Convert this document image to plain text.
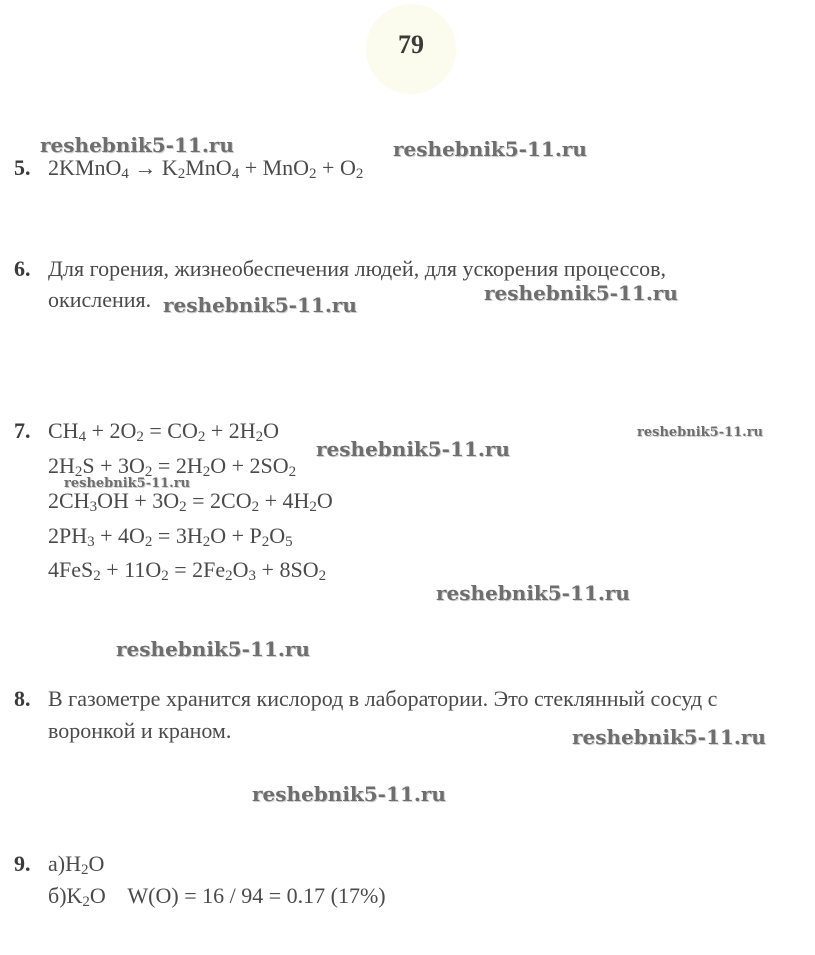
79
5. 2KMnO$_4$ → $K_2MnO_4 + MnO_2 + O_2$
6. Для горения, жизнеобеспечения людей, для ускорения процессов,
окисления.
7. $CH_4 + 2O_2 = CO_2 + 2H_2O$
$2H_2S + 3O_2 = 2H_2O + 2SO_2$
$2CH_3OH + 3O_2 = 2CO_2 + 4H_2O$
$2PH_3 + 4O_2 = 3H_2O + P_2O_5$
$4FeS_2 + 11O_2 = 2Fe_2O_3 + 8SO_2$
8. В газометре хранится кислород в лаборатории. Это стеклянный сосуд с
воронкой и краном.
9. $а)H_2O$
$б)K_2O$    W(O) = 16 / 94 = 0.17 (17%)
reshebnik5-11.ru	reshebnik5-11.ru
reshebnik5-11.ru	reshebnik5-11.ru
reshebnik5-11.ru
reshebnik5-11.ru
reshebnik5-11.ru
reshebnik5-11.ru
reshebnik5-11.ru
reshebnik5-11.ru
reshebnik5-11.ru
